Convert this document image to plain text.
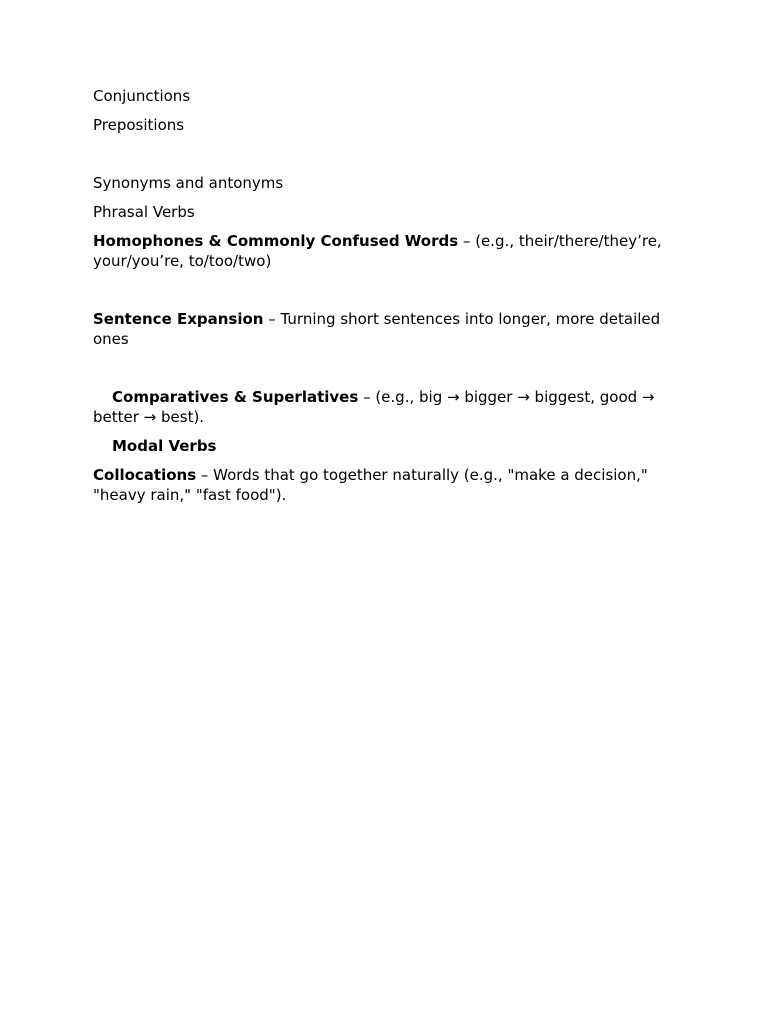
Conjunctions

Prepositions

Synonyms and antonyms

Phrasal Verbs

Homophones & Commonly Confused Words – (e.g., their/there/they’re, your/you’re, to/too/two)

Sentence Expansion – Turning short sentences into longer, more detailed ones

Comparatives & Superlatives – (e.g., big → bigger → biggest, good → better → best).

Modal Verbs

Collocations – Words that go together naturally (e.g., "make a decision," "heavy rain," "fast food").
